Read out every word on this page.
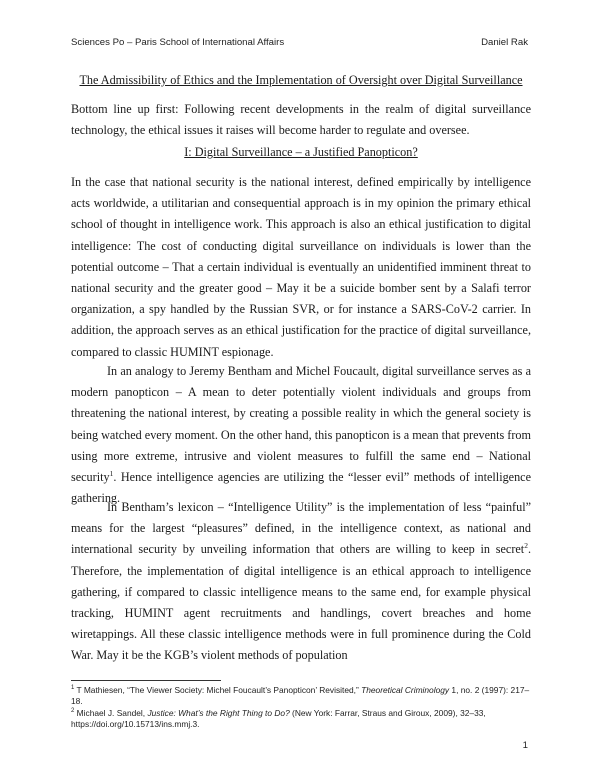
Sciences Po – Paris School of International Affairs	Daniel Rak
The Admissibility of Ethics and the Implementation of Oversight over Digital Surveillance

Bottom line up first: Following recent developments in the realm of digital surveillance technology, the ethical issues it raises will become harder to regulate and oversee.

I: Digital Surveillance – a Justified Panopticon?

In the case that national security is the national interest, defined empirically by intelligence acts worldwide, a utilitarian and consequential approach is in my opinion the primary ethical school of thought in intelligence work. This approach is also an ethical justification to digital intelligence: The cost of conducting digital surveillance on individuals is lower than the potential outcome – That a certain individual is eventually an unidentified imminent threat to national security and the greater good – May it be a suicide bomber sent by a Salafi terror organization, a spy handled by the Russian SVR, or for instance a SARS-CoV-2 carrier. In addition, the approach serves as an ethical justification for the practice of digital surveillance, compared to classic HUMINT espionage.

In an analogy to Jeremy Bentham and Michel Foucault, digital surveillance serves as a modern panopticon – A mean to deter potentially violent individuals and groups from threatening the national interest, by creating a possible reality in which the general society is being watched every moment. On the other hand, this panopticon is a mean that prevents from using more extreme, intrusive and violent measures to fulfill the same end – National security$^1$. Hence intelligence agencies are utilizing the “lesser evil” methods of intelligence gathering.

In Bentham’s lexicon – “Intelligence Utility” is the implementation of less “painful” means for the largest “pleasures” defined, in the intelligence context, as national and international security by unveiling information that others are willing to keep in secret$^2$. Therefore, the implementation of digital intelligence is an ethical approach to intelligence gathering, if compared to classic intelligence means to the same end, for example physical tracking, HUMINT agent recruitments and handlings, covert breaches and home wiretappings. All these classic intelligence methods were in full prominence during the Cold War. May it be the KGB’s violent methods of population

$^1$ T Mathiesen, “The Viewer Society: Michel Foucault’s Panopticon’ Revisited,” Theoretical Criminology 1, no. 2 (1997): 217–18.

$^2$ Michael J. Sandel, Justice: What’s the Right Thing to Do? (New York: Farrar, Straus and Giroux, 2009), 32–33, https://doi.org/10.15713/ins.mmj.3.

1
